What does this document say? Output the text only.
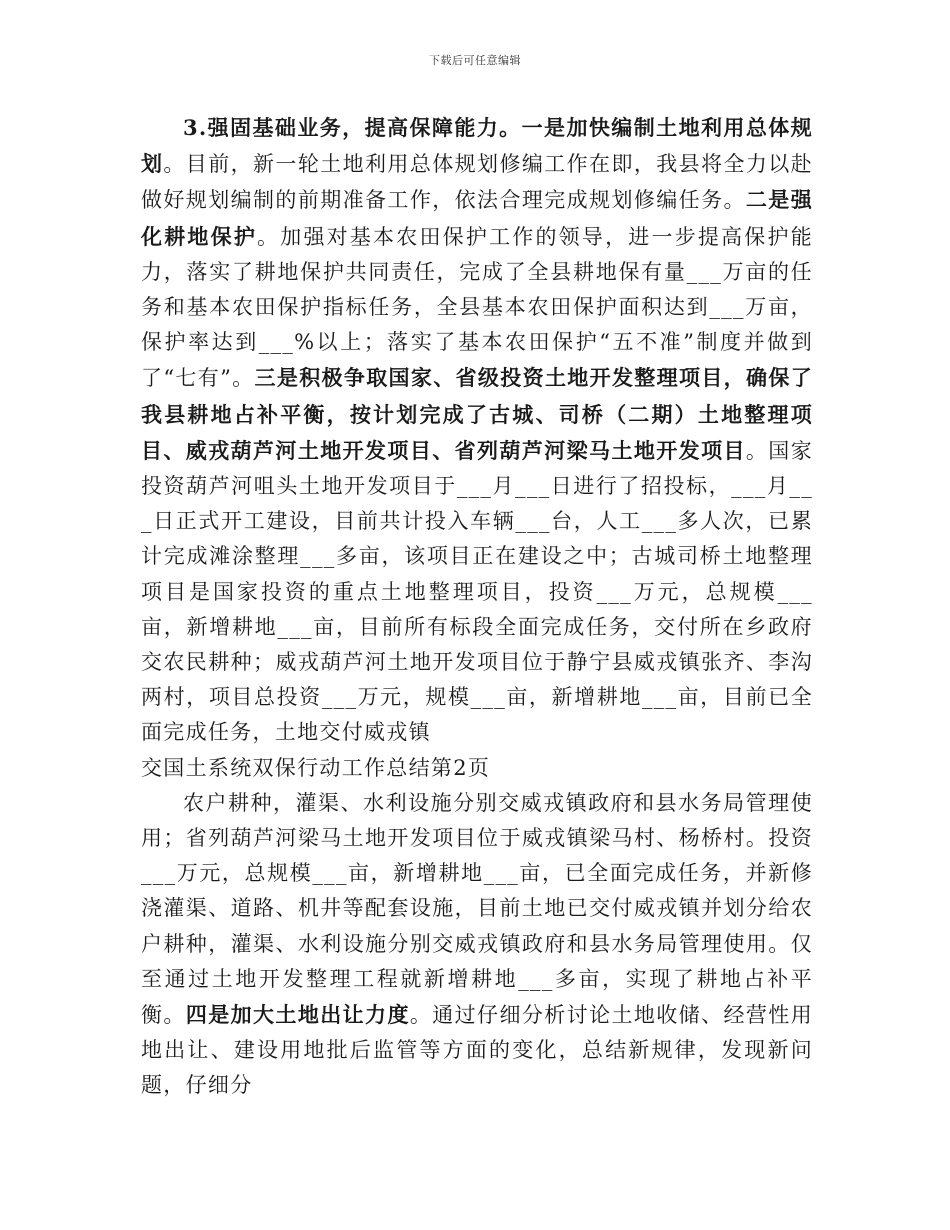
下载后可任意编辑

3.强固基础业务，提高保障能力。一是加快编制土地利用总体规划。目前，新一轮土地利用总体规划修编工作在即，我县将全力以赴做好规划编制的前期准备工作，依法合理完成规划修编任务。二是强化耕地保护。加强对基本农田保护工作的领导，进一步提高保护能力，落实了耕地保护共同责任，完成了全县耕地保有量___万亩的任务和基本农田保护指标任务，全县基本农田保护面积达到___万亩，保护率达到___%以上；落实了基本农田保护“五不准”制度并做到了“七有”。三是积极争取国家、省级投资土地开发整理项目，确保了我县耕地占补平衡，按计划完成了古城、司桥（二期）土地整理项目、威戎葫芦河土地开发项目、省列葫芦河梁马土地开发项目。国家投资葫芦河咀头土地开发项目于___月___日进行了招投标，___月___日正式开工建设，目前共计投入车辆___台，人工___多人次，已累计完成滩涂整理___多亩，该项目正在建设之中；古城司桥土地整理项目是国家投资的重点土地整理项目，投资___万元，总规模___亩，新增耕地___亩，目前所有标段全面完成任务，交付所在乡政府交农民耕种；威戎葫芦河土地开发项目位于静宁县威戎镇张齐、李沟两村，项目总投资___万元，规模___亩，新增耕地___亩，目前已全面完成任务，土地交付威戎镇

交国土系统双保行动工作总结第2页

农户耕种，灌渠、水利设施分别交威戎镇政府和县水务局管理使用；省列葫芦河梁马土地开发项目位于威戎镇梁马村、杨桥村。投资___万元，总规模___亩，新增耕地___亩，已全面完成任务，并新修浇灌渠、道路、机井等配套设施，目前土地已交付威戎镇并划分给农户耕种，灌渠、水利设施分别交威戎镇政府和县水务局管理使用。仅至通过土地开发整理工程就新增耕地___多亩，实现了耕地占补平衡。四是加大土地出让力度。通过仔细分析讨论土地收储、经营性用地出让、建设用地批后监管等方面的变化，总结新规律，发现新问题，仔细分
